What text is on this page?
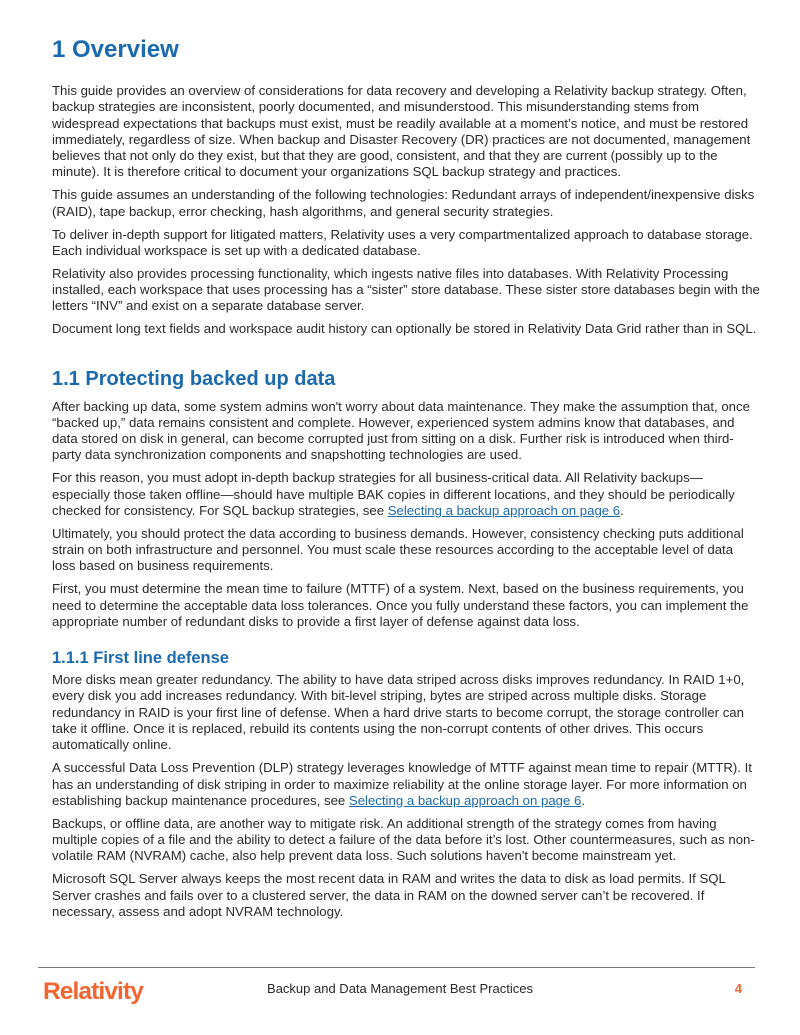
1 Overview

This guide provides an overview of considerations for data recovery and developing a Relativity backup strategy. Often, backup strategies are inconsistent, poorly documented, and misunderstood. This misunderstanding stems from widespread expectations that backups must exist, must be readily available at a moment’s notice, and must be restored immediately, regardless of size. When backup and Disaster Recovery (DR) practices are not documented, management believes that not only do they exist, but that they are good, consistent, and that they are current (possibly up to the minute). It is therefore critical to document your organizations SQL backup strategy and practices.

This guide assumes an understanding of the following technologies: Redundant arrays of independent/inexpensive disks (RAID), tape backup, error checking, hash algorithms, and general security strategies.

To deliver in-depth support for litigated matters, Relativity uses a very compartmentalized approach to database storage. Each individual workspace is set up with a dedicated database.

Relativity also provides processing functionality, which ingests native files into databases. With Relativity Processing installed, each workspace that uses processing has a “sister” store database. These sister store databases begin with the letters “INV” and exist on a separate database server.

Document long text fields and workspace audit history can optionally be stored in Relativity Data Grid rather than in SQL.

1.1 Protecting backed up data

After backing up data, some system admins won't worry about data maintenance. They make the assumption that, once “backed up,” data remains consistent and complete. However, experienced system admins know that databases, and data stored on disk in general, can become corrupted just from sitting on a disk. Further risk is introduced when third-party data synchronization components and snapshotting technologies are used.

For this reason, you must adopt in-depth backup strategies for all business-critical data. All Relativity backups—especially those taken offline—should have multiple BAK copies in different locations, and they should be periodically checked for consistency. For SQL backup strategies, see Selecting a backup approach on page 6.

Ultimately, you should protect the data according to business demands. However, consistency checking puts additional strain on both infrastructure and personnel. You must scale these resources according to the acceptable level of data loss based on business requirements.

First, you must determine the mean time to failure (MTTF) of a system. Next, based on the business requirements, you need to determine the acceptable data loss tolerances. Once you fully understand these factors, you can implement the appropriate number of redundant disks to provide a first layer of defense against data loss.

1.1.1 First line defense

More disks mean greater redundancy. The ability to have data striped across disks improves redundancy. In RAID 1+0, every disk you add increases redundancy. With bit-level striping, bytes are striped across multiple disks. Storage redundancy in RAID is your first line of defense. When a hard drive starts to become corrupt, the storage controller can take it offline. Once it is replaced, rebuild its contents using the non-corrupt contents of other drives. This occurs automatically online.

A successful Data Loss Prevention (DLP) strategy leverages knowledge of MTTF against mean time to repair (MTTR). It has an understanding of disk striping in order to maximize reliability at the online storage layer. For more information on establishing backup maintenance procedures, see Selecting a backup approach on page 6.

Backups, or offline data, are another way to mitigate risk. An additional strength of the strategy comes from having multiple copies of a file and the ability to detect a failure of the data before it’s lost. Other countermeasures, such as non-volatile RAM (NVRAM) cache, also help prevent data loss. Such solutions haven't become mainstream yet.

Microsoft SQL Server always keeps the most recent data in RAM and writes the data to disk as load permits. If SQL Server crashes and fails over to a clustered server, the data in RAM on the downed server can’t be recovered. If necessary, assess and adopt NVRAM technology.

Relativity	Backup and Data Management Best Practices	4
